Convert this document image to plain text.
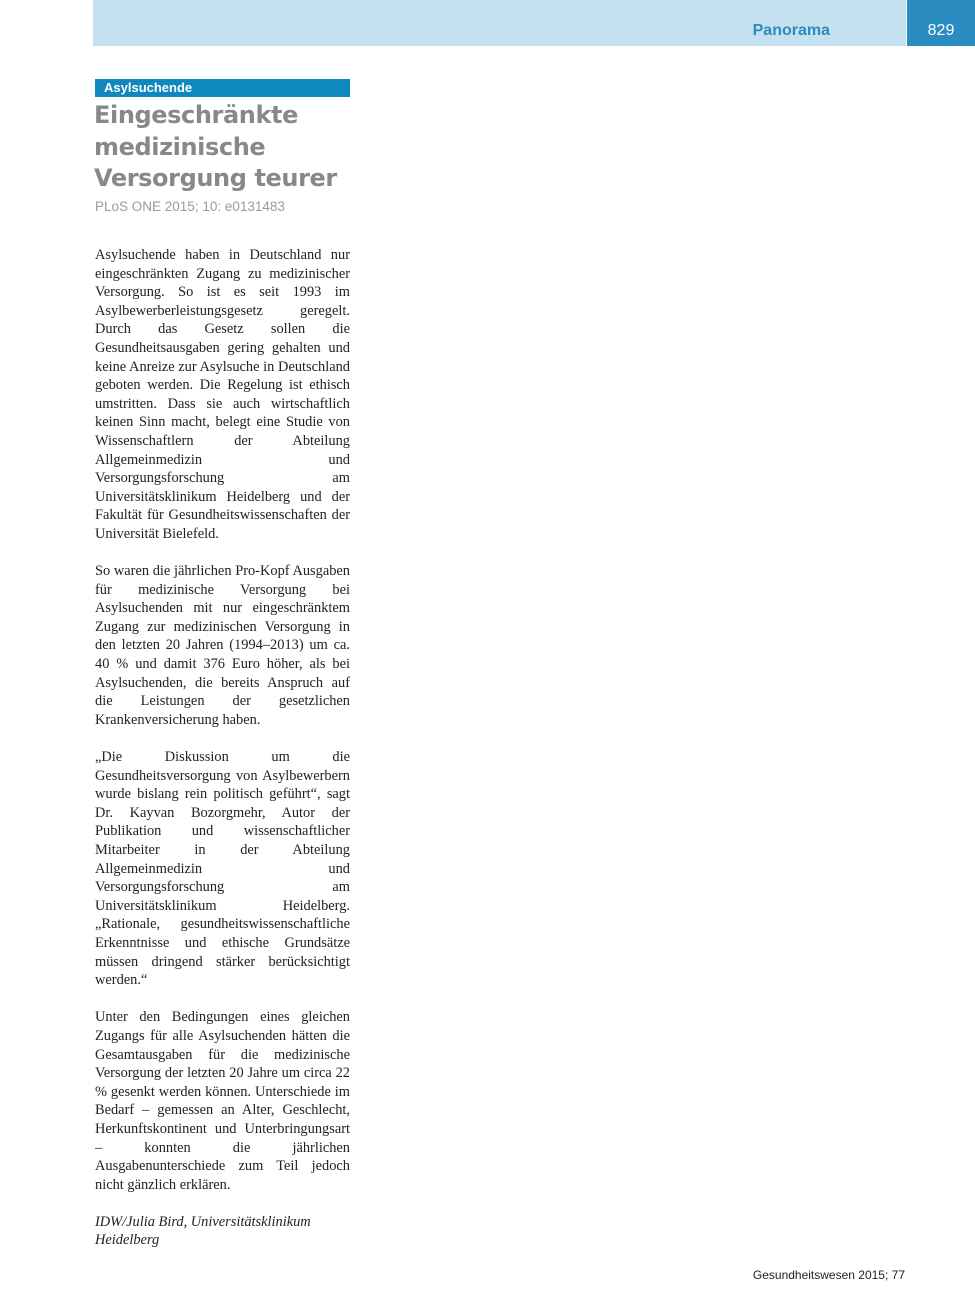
Panorama	829
Asylsuchende
Eingeschränkte medizinische Versorgung teurer
PLoS ONE 2015; 10: e0131483

Asylsuchende haben in Deutschland nur eingeschränkten Zugang zu medizinischer Versorgung. So ist es seit 1993 im Asylbewerberleistungsgesetz geregelt. Durch das Gesetz sollen die Gesundheitsausgaben gering gehalten und keine Anreize zur Asylsuche in Deutschland geboten werden. Die Regelung ist ethisch umstritten. Dass sie auch wirtschaftlich keinen Sinn macht, belegt eine Studie von Wissenschaftlern der Abteilung Allgemeinmedizin und Versorgungsforschung am Universitätsklinikum Heidelberg und der Fakultät für Gesundheitswissenschaften der Universität Bielefeld.

So waren die jährlichen Pro-Kopf Ausgaben für medizinische Versorgung bei Asylsuchenden mit nur eingeschränktem Zugang zur medizinischen Versorgung in den letzten 20 Jahren (1994–2013) um ca. 40 % und damit 376 Euro höher, als bei Asylsuchenden, die bereits Anspruch auf die Leistungen der gesetzlichen Krankenversicherung haben.

„Die Diskussion um die Gesundheitsversorgung von Asylbewerbern wurde bislang rein politisch geführt“, sagt Dr. Kayvan Bozorgmehr, Autor der Publikation und wissenschaftlicher Mitarbeiter in der Abteilung Allgemeinmedizin und Versorgungsforschung am Universitätsklinikum Heidelberg. „Rationale, gesundheitswissenschaftliche Erkenntnisse und ethische Grundsätze müssen dringend stärker berücksichtigt werden.“

Unter den Bedingungen eines gleichen Zugangs für alle Asylsuchenden hätten die Gesamtausgaben für die medizinische Versorgung der letzten 20 Jahre um circa 22 % gesenkt werden können. Unterschiede im Bedarf – gemessen an Alter, Geschlecht, Herkunftskontinent und Unterbringungsart – konnten die jährlichen Ausgabenunterschiede zum Teil jedoch nicht gänzlich erklären.

IDW/Julia Bird, Universitätsklinikum Heidelberg

Gesundheitswesen 2015; 77
